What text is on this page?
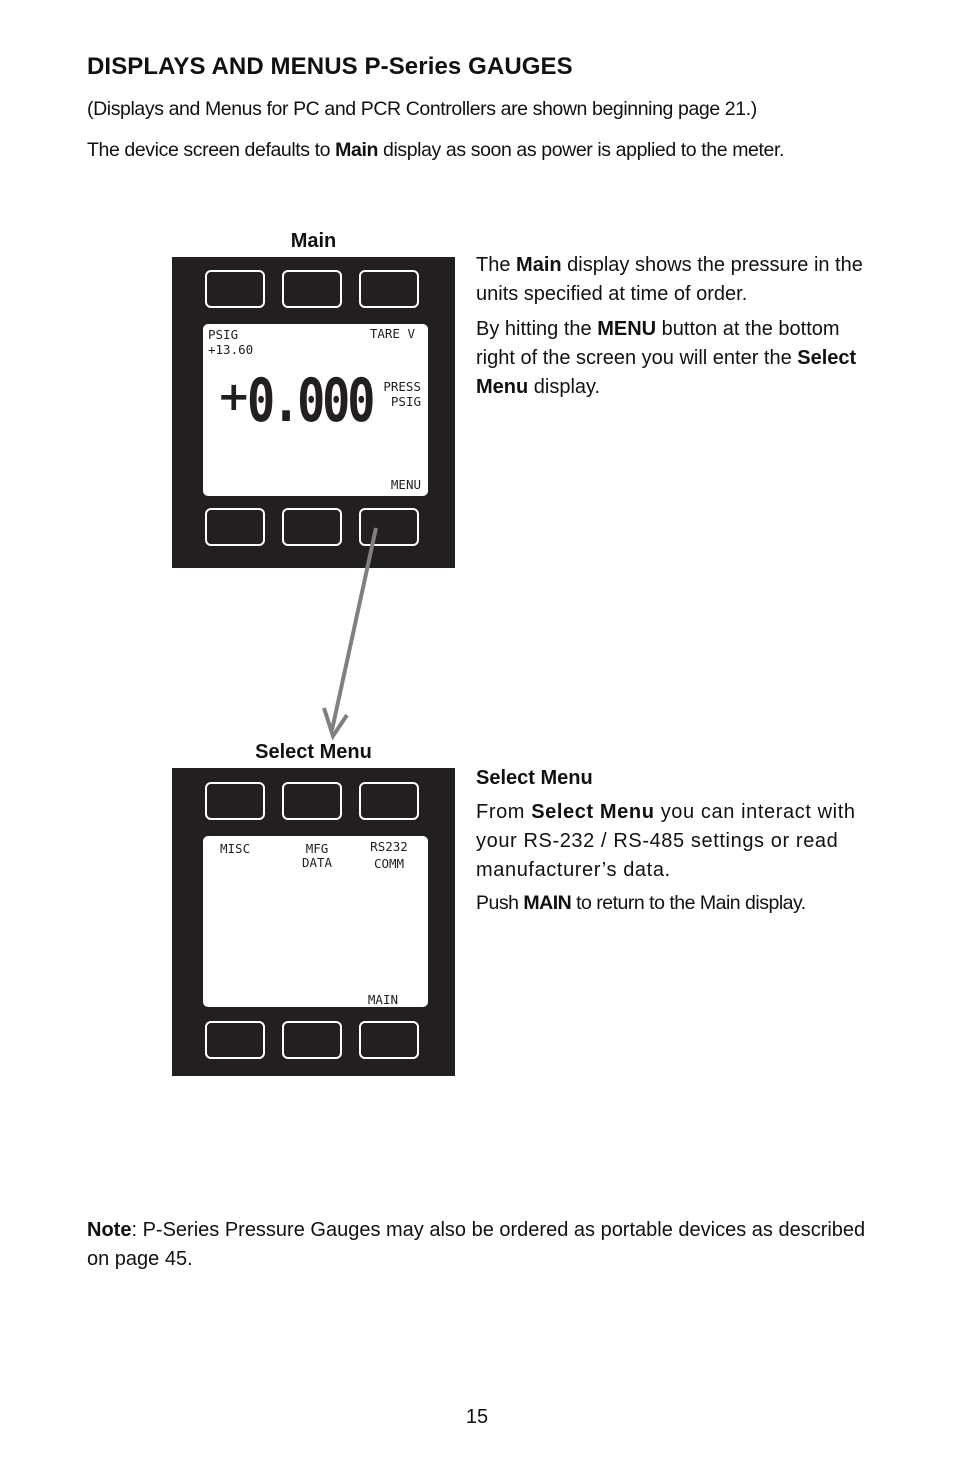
DISPLAYS AND MENUS P-Series GAUGES

(Displays and Menus for PC and PCR Controllers are shown beginning page 21.)

The device screen defaults to Main display as soon as power is applied to the meter.

Main
PSIG
+13.60
TARE V
+
0.000 PRESS
PSIG
MENU

The Main display shows the pressure in the units specified at time of order.

By hitting the MENU button at the bottom right of the screen you will enter the Select Menu display.

Select Menu
MISC	MFG
DATA
RS232
COMM
MAIN

Select Menu

From Select Menu you can interact with your RS-232 / RS-485 settings or read manufacturer’s data.

Push MAIN to return to the Main display.

Note: P-Series Pressure Gauges may also be ordered as portable devices as described on page 45.

15
